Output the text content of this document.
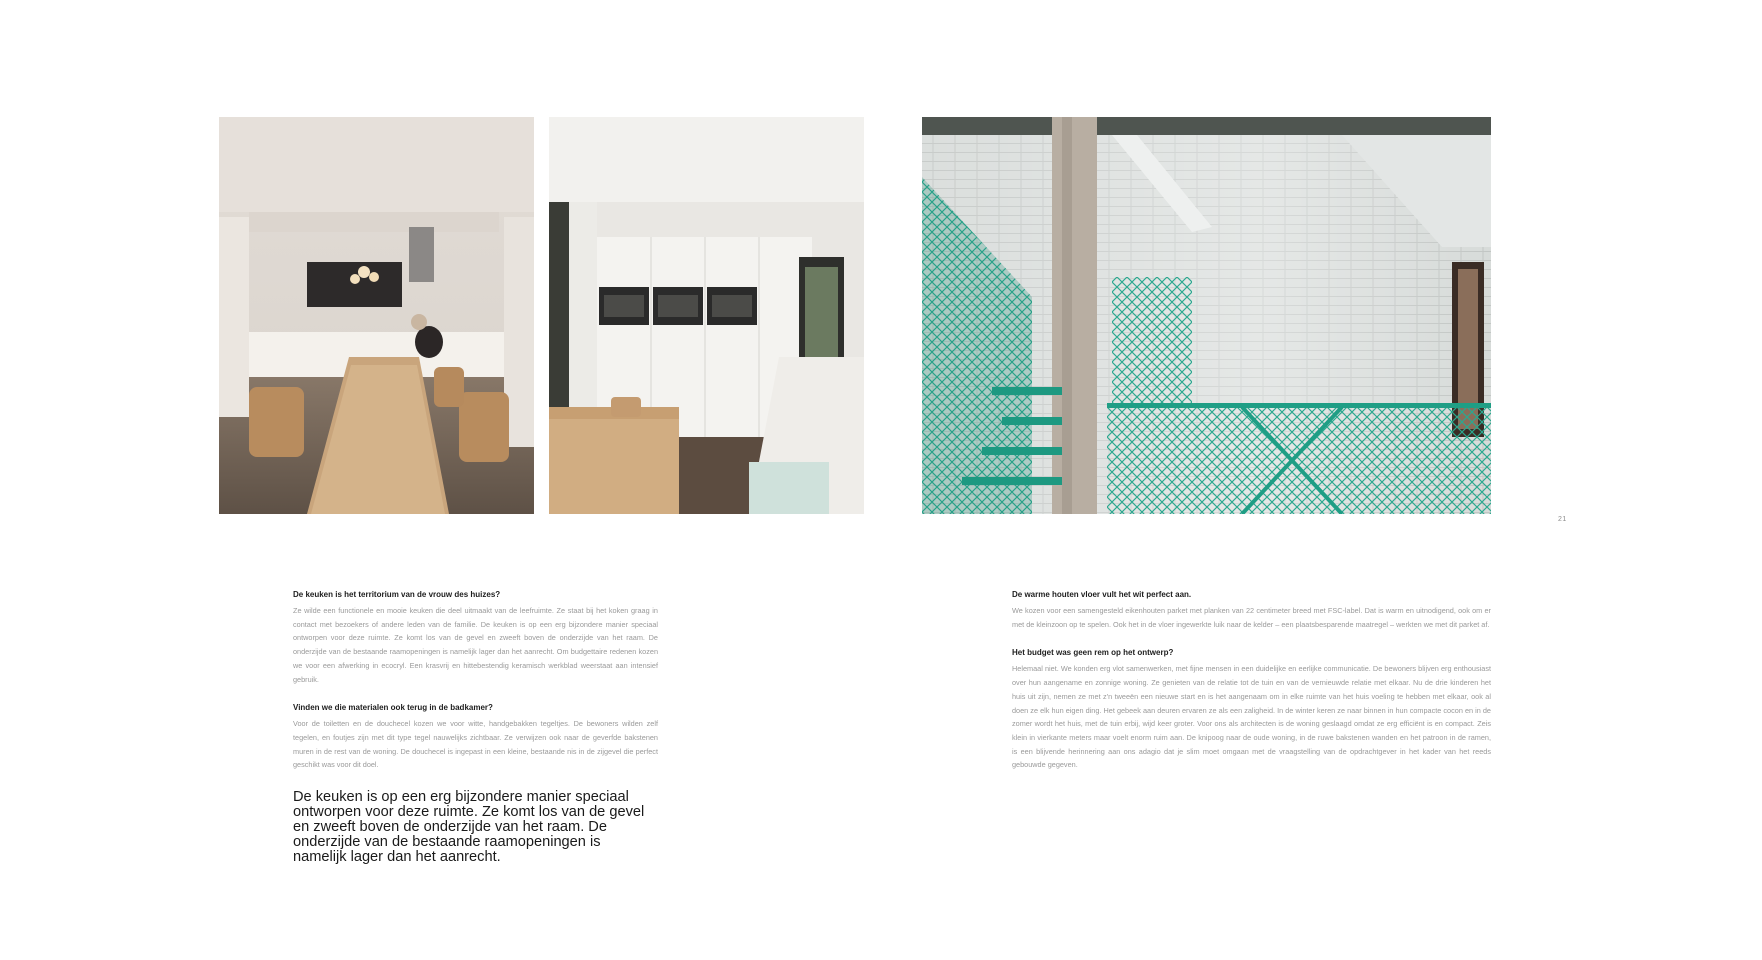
21

De keuken is het territorium van de vrouw des huizes?

Ze wilde een functionele en mooie keuken die deel uitmaakt van de leefruimte. Ze staat bij het koken graag in contact met bezoekers of andere leden van de familie. De keuken is op een erg bijzondere manier speciaal ontworpen voor deze ruimte. Ze komt los van de gevel en zweeft boven de onderzijde van het raam. De onderzijde van de bestaande raamopeningen is namelijk lager dan het aanrecht. Om budgettaire redenen kozen we voor een afwerking in ecocryl. Een krasvrij en hittebestendig keramisch werkblad weerstaat aan intensief gebruik.

Vinden we die materialen ook terug in de badkamer?

Voor de toiletten en de douchecel kozen we voor witte, handgebakken tegeltjes. De bewoners wilden zelf tegelen, en foutjes zijn met dit type tegel nauwelijks zichtbaar. Ze verwijzen ook naar de geverfde bakstenen muren in de rest van de woning. De douchecel is ingepast in een kleine, bestaande nis in de zijgevel die perfect geschikt was voor dit doel.

De keuken is op een erg bijzondere manier speciaal ontworpen voor deze ruimte. Ze komt los van de gevel en zweeft boven de onderzijde van het raam. De onderzijde van de bestaande raamopeningen is namelijk lager dan het aanrecht.

De warme houten vloer vult het wit perfect aan.

We kozen voor een samengesteld eikenhouten parket met planken van 22 centimeter breed met FSC-label. Dat is warm en uitnodigend, ook om er met de kleinzoon op te spelen. Ook het in de vloer ingewerkte luik naar de kelder – een plaatsbesparende maatregel – werkten we met dit parket af.

Het budget was geen rem op het ontwerp?

Helemaal niet. We konden erg vlot samenwerken, met fijne mensen in een duidelijke en eerlijke communicatie. De bewoners blijven erg enthousiast over hun aangename en zonnige woning. Ze genieten van de relatie tot de tuin en van de vernieuwde relatie met elkaar. Nu de drie kinderen het huis uit zijn, nemen ze met z'n tweeën een nieuwe start en is het aangenaam om in elke ruimte van het huis voeling te hebben met elkaar, ook al doen ze elk hun eigen ding. Het gebeek aan deuren ervaren ze als een zaligheid. In de winter keren ze naar binnen in hun compacte cocon en in de zomer wordt het huis, met de tuin erbij, wijd keer groter. Voor ons als architecten is de woning geslaagd omdat ze erg efficiënt is en compact. Zeis klein in vierkante meters maar voelt enorm ruim aan. De knipoog naar de oude woning, in de ruwe bakstenen wanden en het patroon in de ramen, is een blijvende herinnering aan ons adagio dat je slim moet omgaan met de vraagstelling van de opdrachtgever in het kader van het reeds gebouwde gegeven.
